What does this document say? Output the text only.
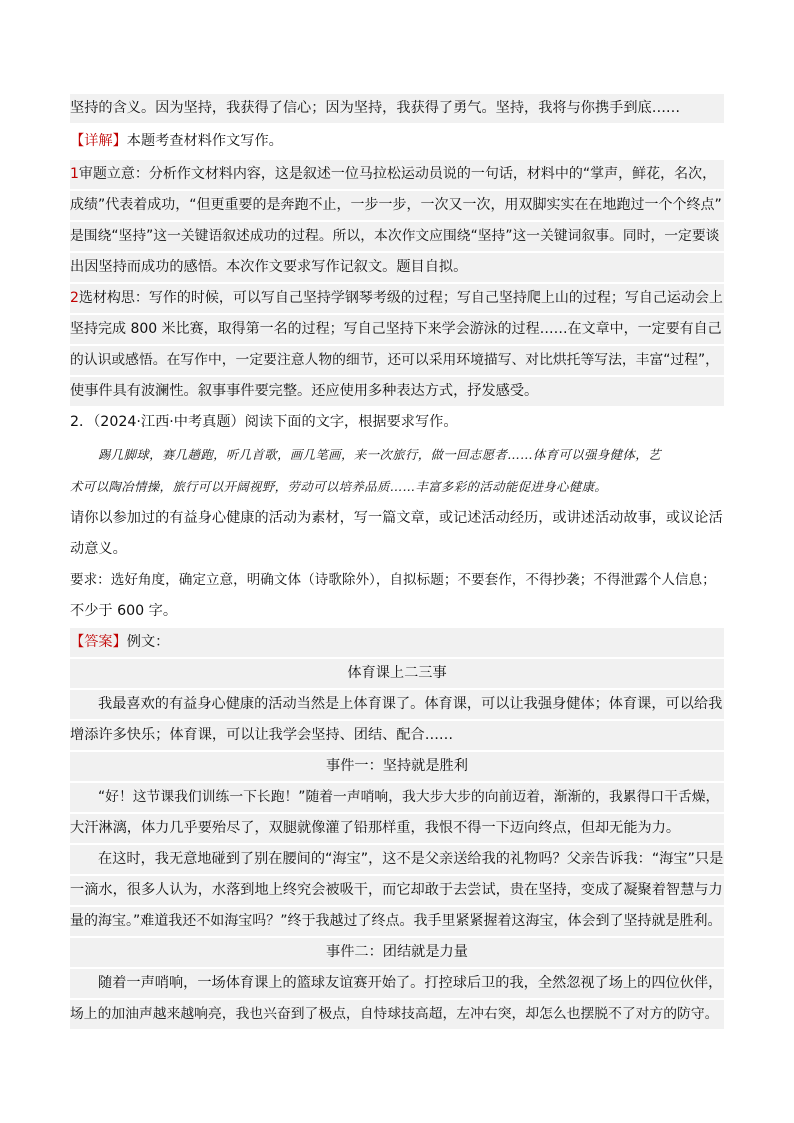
坚持的含义。因为坚持，我获得了信心；因为坚持，我获得了勇气。坚持，我将与你携手到底……
【详解】本题考查材料作文写作。
1审题立意：分析作文材料内容，这是叙述一位马拉松运动员说的一句话，材料中的“掌声，鲜花，名次，
成绩”代表着成功，“但更重要的是奔跑不止，一步一步，一次又一次，用双脚实实在在地跑过一个个终点”
是围绕“坚持”这一关键语叙述成功的过程。所以，本次作文应围绕“坚持”这一关键词叙事。同时，一定要谈
出因坚持而成功的感悟。本次作文要求写作记叙文。题目自拟。
2选材构思：写作的时候，可以写自己坚持学钢琴考级的过程；写自己坚持爬上山的过程；写自己运动会上
坚持完成 800 米比赛，取得第一名的过程；写自己坚持下来学会游泳的过程……在文章中，一定要有自己
的认识或感悟。在写作中，一定要注意人物的细节，还可以采用环境描写、对比烘托等写法，丰富“过程”，
使事件具有波澜性。叙事事件要完整。还应使用多种表达方式，抒发感受。
2．（2024·江西·中考真题）阅读下面的文字，根据要求写作。
踢几脚球，赛几趟跑，听几首歌，画几笔画，来一次旅行，做一回志愿者……体育可以强身健体，艺
术可以陶冶情操，旅行可以开阔视野，劳动可以培养品质……丰富多彩的活动能促进身心健康。
请你以参加过的有益身心健康的活动为素材，写一篇文章，或记述活动经历，或讲述活动故事，或议论活
动意义。
要求：选好角度，确定立意，明确文体（诗歌除外），自拟标题；不要套作，不得抄袭；不得泄露个人信息；
不少于 600 字。
【答案】例文：
体育课上二三事
我最喜欢的有益身心健康的活动当然是上体育课了。体育课，可以让我强身健体；体育课，可以给我
增添许多快乐；体育课，可以让我学会坚持、团结、配合……
事件一：坚持就是胜利
“好！这节课我们训练一下长跑！”随着一声哨响，我大步大步的向前迈着，渐渐的，我累得口干舌燥，
大汗淋漓，体力几乎要殆尽了，双腿就像灌了铅那样重，我恨不得一下迈向终点，但却无能为力。
在这时，我无意地碰到了别在腰间的“海宝”，这不是父亲送给我的礼物吗？父亲告诉我：“海宝”只是
一滴水，很多人认为，水落到地上终究会被吸干，而它却敢于去尝试，贵在坚持，变成了凝聚着智慧与力
量的海宝。”难道我还不如海宝吗？”终于我越过了终点。我手里紧紧握着这海宝，体会到了坚持就是胜利。
事件二：团结就是力量
随着一声哨响，一场体育课上的篮球友谊赛开始了。打控球后卫的我，全然忽视了场上的四位伙伴，
场上的加油声越来越响亮，我也兴奋到了极点，自恃球技高超，左冲右突，却怎么也摆脱不了对方的防守。
